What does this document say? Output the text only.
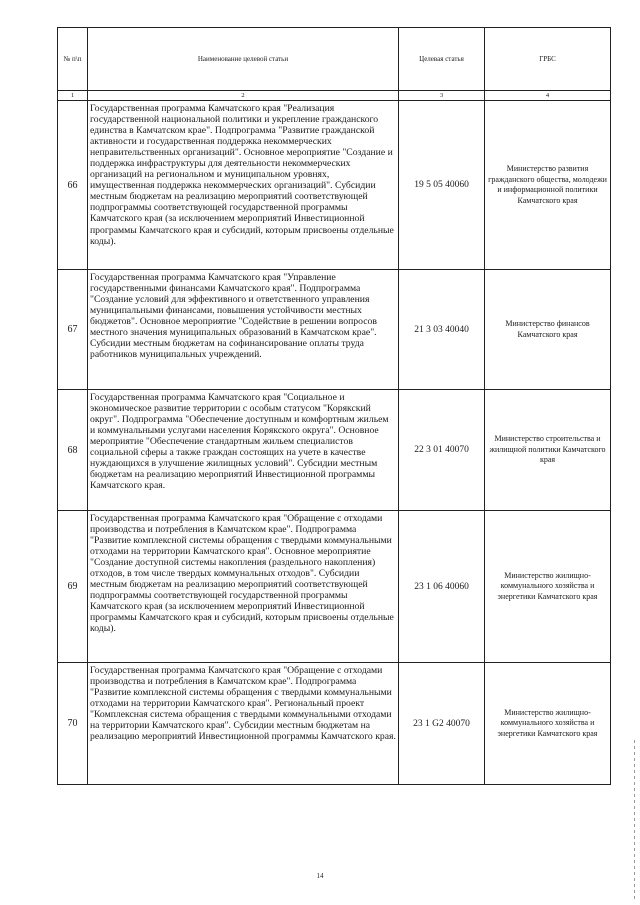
№ п\п	Наименование целевой статьи	Целевая статья	ГРБС
1	2	3	4
66	Государственная программа Камчатского края "Реализация государственной национальной политики и укрепление гражданского единства в Камчатском крае". Подпрограмма "Развитие гражданской активности и государственная поддержка некоммерческих неправительственных организаций". Основное мероприятие "Создание и поддержка инфраструктуры для деятельности некоммерческих организаций на региональном и муниципальном уровнях, имущественная поддержка некоммерческих организаций". Субсидии местным бюджетам на реализацию мероприятий соответствующей подпрограммы соответствующей государственной программы Камчатского края (за исключением мероприятий Инвестиционной программы Камчатского края и субсидий, которым присвоены отдельные коды).	19 5 05 40060	Министерство развития гражданского общества, молодежи и информационной политики Камчатского края
67	Государственная программа Камчатского края "Управление государственными финансами Камчатского края". Подпрограмма "Создание условий для эффективного и ответственного управления муниципальными финансами, повышения устойчивости местных бюджетов". Основное мероприятие "Содействие в решении вопросов местного значения муниципальных образований в Камчатском крае". Субсидии местным бюджетам на софинансирование оплаты труда работников муниципальных учреждений.	21 3 03 40040	Министерство финансов Камчатского края
68	Государственная программа Камчатского края "Социальное и экономическое развитие территории с особым статусом "Корякский округ". Подпрограмма "Обеспечение доступным и комфортным жильем и коммунальными услугами населения Корякского округа". Основное мероприятие "Обеспечение стандартным жильем специалистов социальной сферы а также граждан состоящих на учете в качестве нуждающихся в улучшение жилищных условий". Субсидии местным бюджетам на реализацию мероприятий Инвестиционной программы Камчатского края.	22 3 01 40070	Министерство строительства и жилищной политики Камчатского края
69	Государственная программа Камчатского края "Обращение с отходами производства и потребления в Камчатском крае". Подпрограмма "Развитие комплексной системы обращения с твердыми коммунальными отходами на территории Камчатского края". Основное мероприятие "Создание доступной системы накопления (раздельного накопления) отходов, в том числе твердых коммунальных отходов". Субсидии местным бюджетам на реализацию мероприятий соответствующей подпрограммы соответствующей государственной программы Камчатского края (за исключением мероприятий Инвестиционной программы Камчатского края и субсидий, которым присвоены отдельные коды).	23 1 06 40060	Министерство жилищно-коммунального хозяйства и энергетики Камчатского края
70	Государственная программа Камчатского края "Обращение с отходами производства и потребления в Камчатском крае". Подпрограмма "Развитие комплексной системы обращения с твердыми коммунальными отходами на территории Камчатского края". Региональный проект "Комплексная система обращения с твердыми коммунальными отходами на территории Камчатского края". Субсидии местным бюджетам на реализацию мероприятий Инвестиционной программы Камчатского края.	23 1 G2 40070	Министерство жилищно-коммунального хозяйства и энергетики Камчатского края
14
